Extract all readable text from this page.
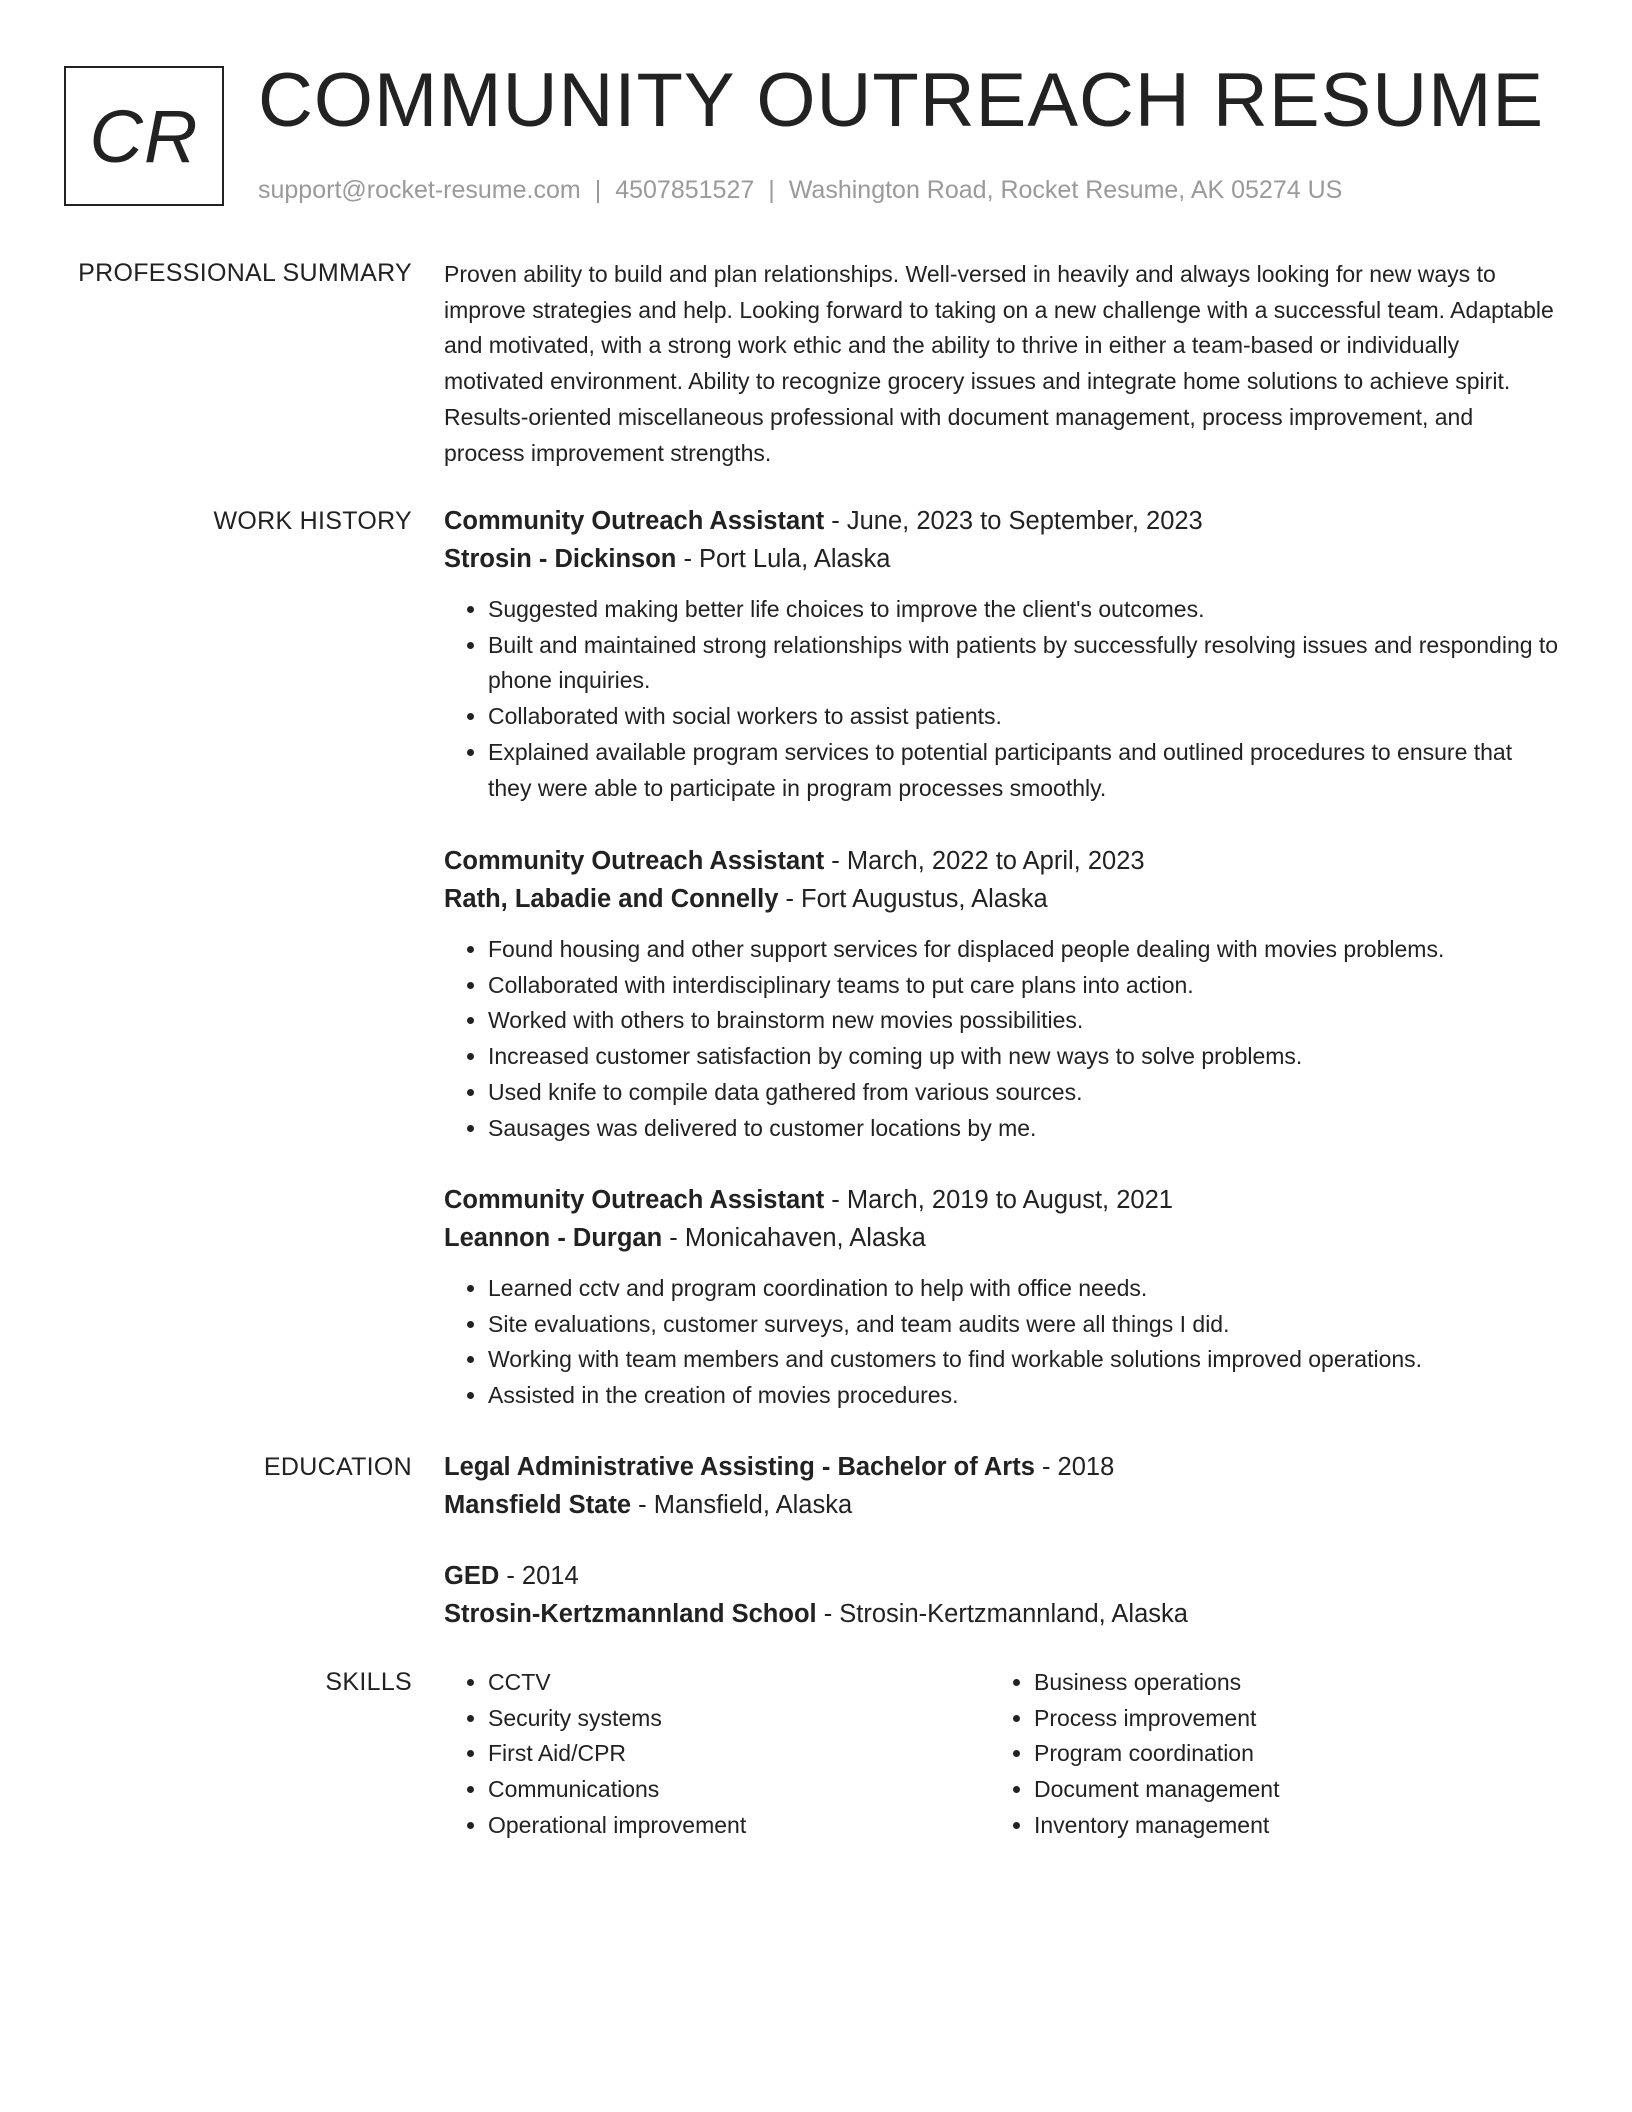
CR COMMUNITY OUTREACH RESUME
support@rocket-resume.com | 4507851527 | Washington Road, Rocket Resume, AK 05274 US
PROFESSIONAL SUMMARY Proven ability to build and plan relationships. Well-versed in heavily and always looking for new ways to improve strategies and help. Looking forward to taking on a new challenge with a successful team. Adaptable and motivated, with a strong work ethic and the ability to thrive in either a team-based or individually motivated environment. Ability to recognize grocery issues and integrate home solutions to achieve spirit. Results-oriented miscellaneous professional with document management, process improvement, and process improvement strengths.

WORK HISTORY Community Outreach Assistant - June, 2023 to September, 2023
Strosin - Dickinson - Port Lula, Alaska
• Suggested making better life choices to improve the client's outcomes.
• Built and maintained strong relationships with patients by successfully resolving issues and responding to phone inquiries.
• Collaborated with social workers to assist patients.
• Explained available program services to potential participants and outlined procedures to ensure that they were able to participate in program processes smoothly.
Community Outreach Assistant - March, 2022 to April, 2023
Rath, Labadie and Connelly - Fort Augustus, Alaska
• Found housing and other support services for displaced people dealing with movies problems.
• Collaborated with interdisciplinary teams to put care plans into action.
• Worked with others to brainstorm new movies possibilities.
• Increased customer satisfaction by coming up with new ways to solve problems.
• Used knife to compile data gathered from various sources.
• Sausages was delivered to customer locations by me.
Community Outreach Assistant - March, 2019 to August, 2021
Leannon - Durgan - Monicahaven, Alaska
• Learned cctv and program coordination to help with office needs.
• Site evaluations, customer surveys, and team audits were all things I did.
• Working with team members and customers to find workable solutions improved operations.
• Assisted in the creation of movies procedures.
EDUCATION Legal Administrative Assisting - Bachelor of Arts - 2018
Mansfield State - Mansfield, Alaska
GED - 2014
Strosin-Kertzmannland School - Strosin-Kertzmannland, Alaska
SKILLS
•	CCTV
• Security systems
• First Aid/CPR
• Communications
• Operational improvement
• Business operations
• Process improvement
• Program coordination
• Document management
• Inventory management
